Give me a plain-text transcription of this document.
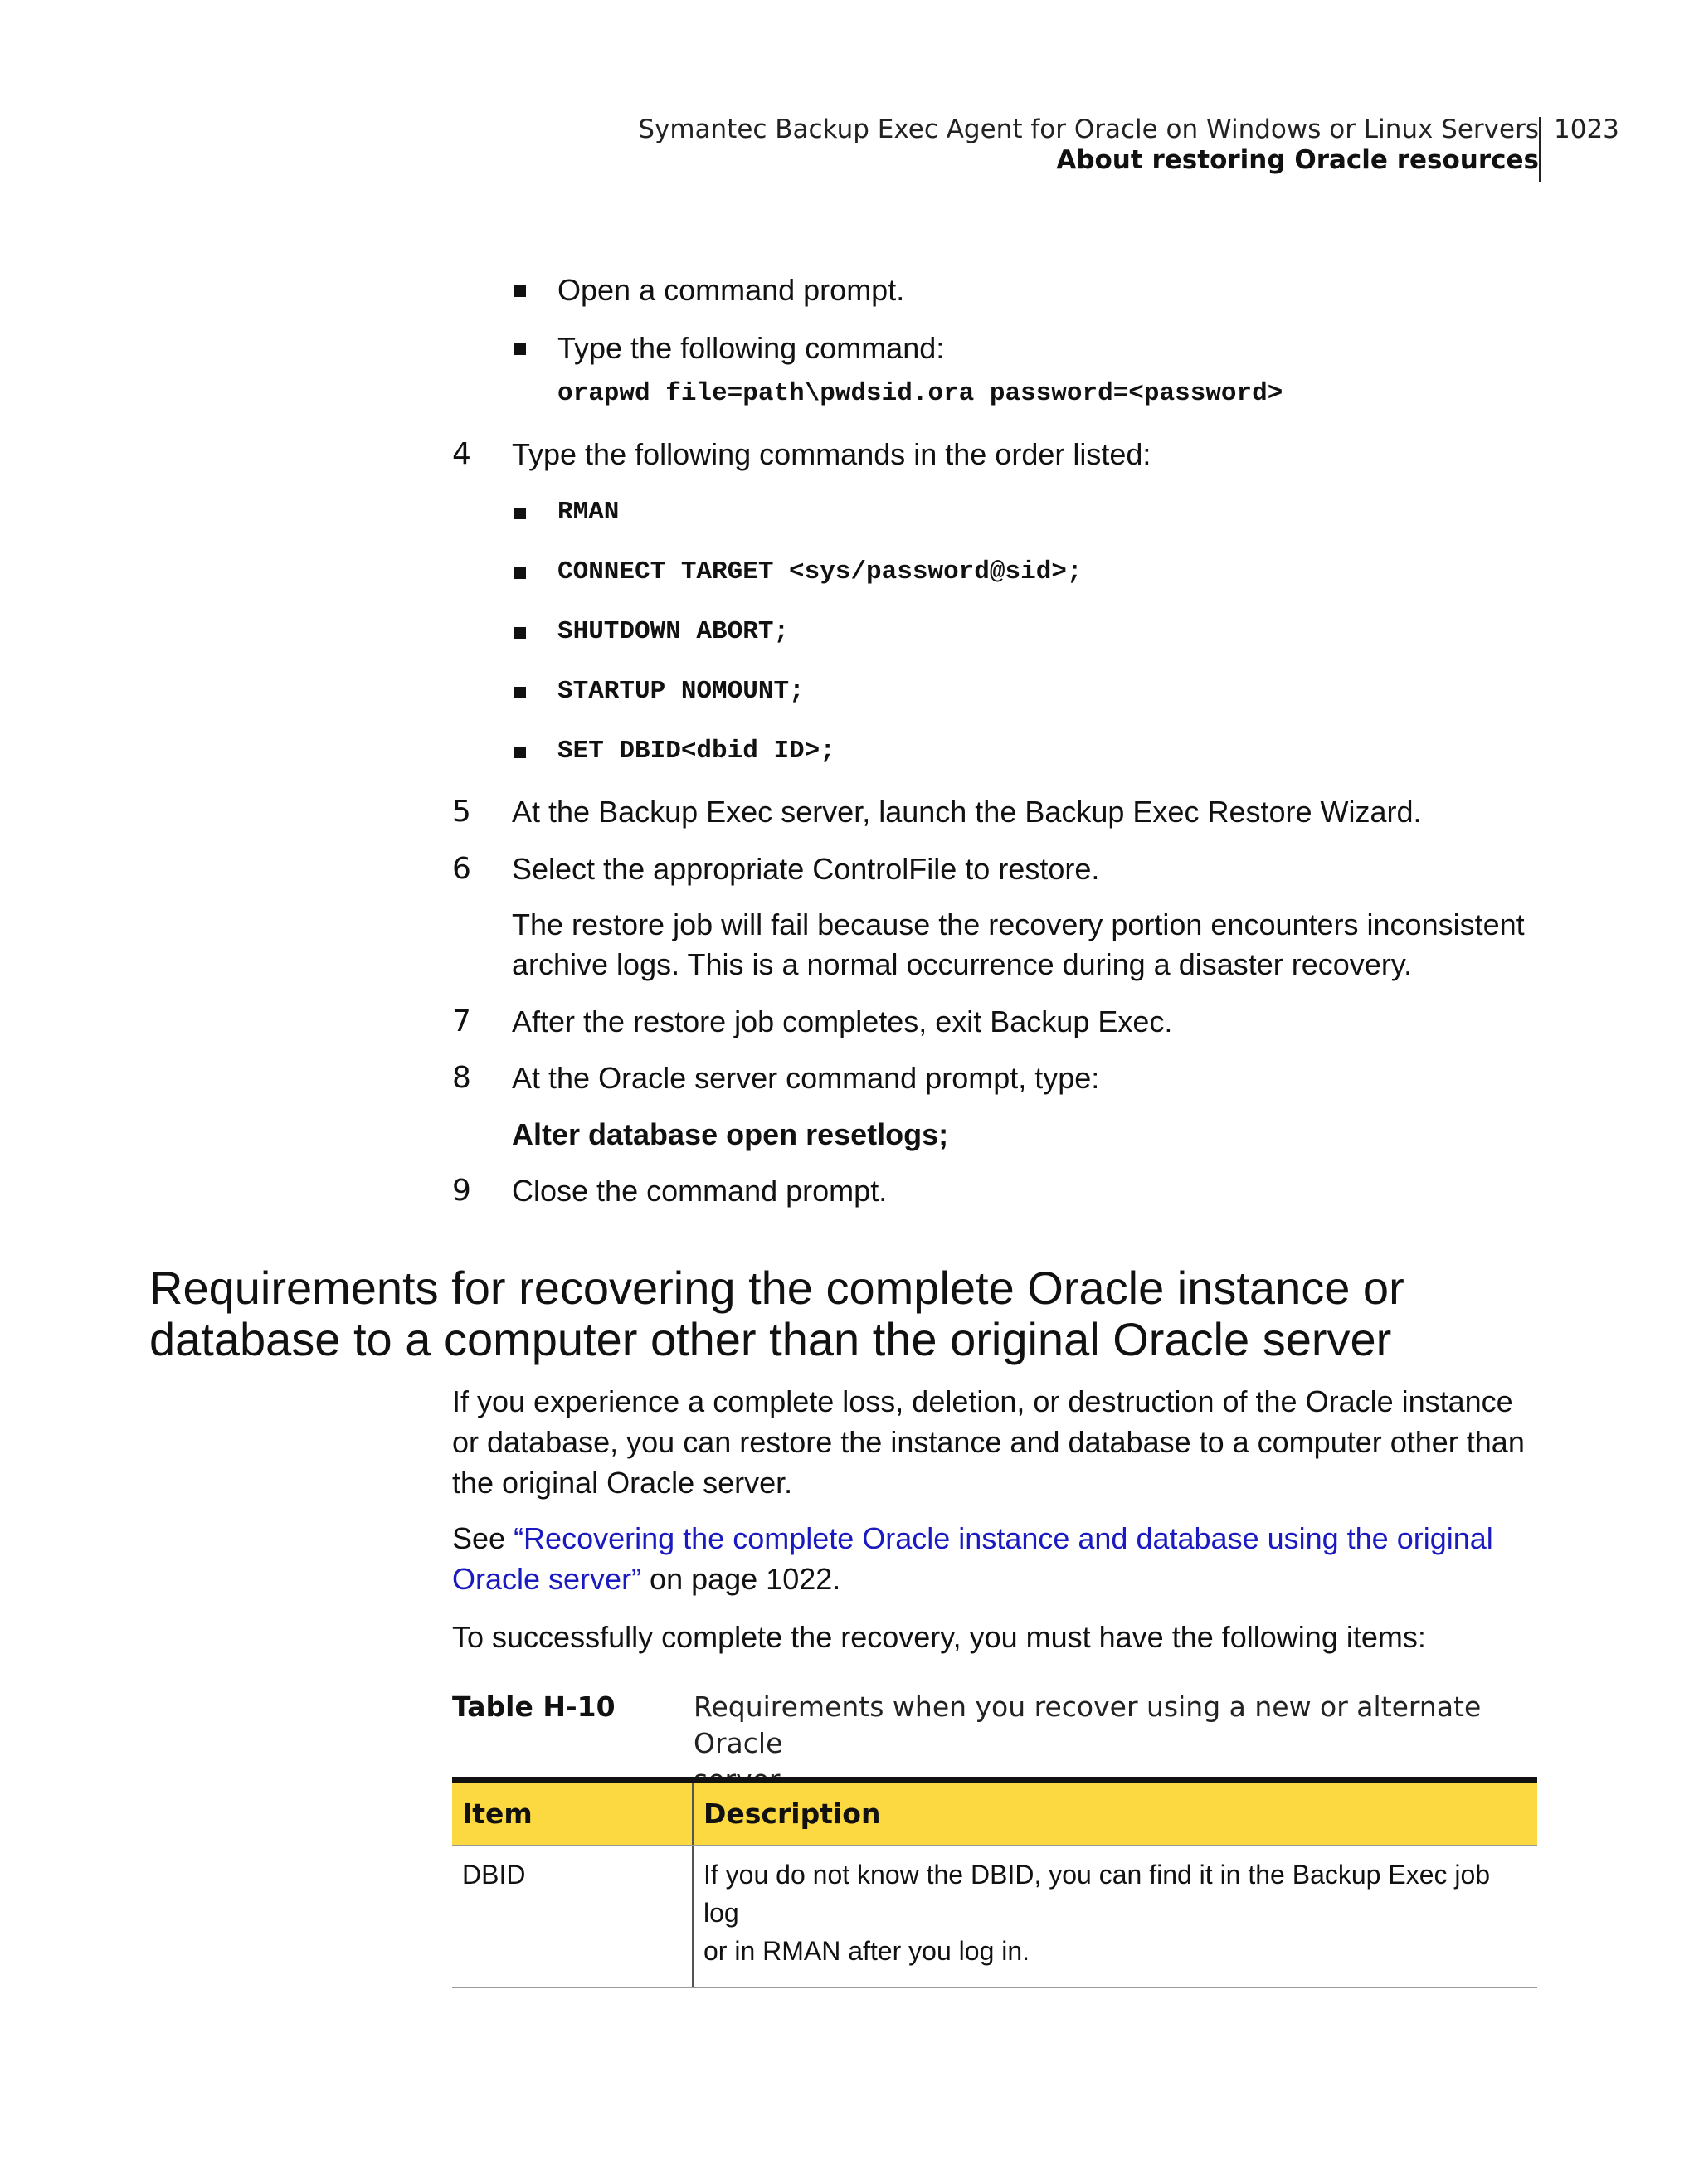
Symantec Backup Exec Agent for Oracle on Windows or Linux Servers
About restoring Oracle resources
1023
Open a command prompt.
Type the following command:
orapwd file=path\pwdsid.ora password=<password>
4 Type the following commands in the order listed:
RMAN
CONNECT TARGET <sys/password@sid>;
SHUTDOWN ABORT;
STARTUP NOMOUNT;
SET DBID<dbid ID>;
5 At the Backup Exec server, launch the Backup Exec Restore Wizard.
6 Select the appropriate ControlFile to restore.
The restore job will fail because the recovery portion encounters inconsistent
archive logs. This is a normal occurrence during a disaster recovery.
7 After the restore job completes, exit Backup Exec.
8 At the Oracle server command prompt, type:
Alter database open resetlogs;
9 Close the command prompt.
Requirements for recovering the complete Oracle instance or
database to a computer other than the original Oracle server
If you experience a complete loss, deletion, or destruction of the Oracle instance
or database, you can restore the instance and database to a computer other than
the original Oracle server.
See “Recovering the complete Oracle instance and database using the original
Oracle server” on page 1022.
To successfully complete the recovery, you must have the following items:
Table H-10	Requirements when you recover using a new or alternate Oracle
Item	Description
DBID	If you do not know the DBID, you can find it in the Backup Exec job log
or in RMAN after you log in.
